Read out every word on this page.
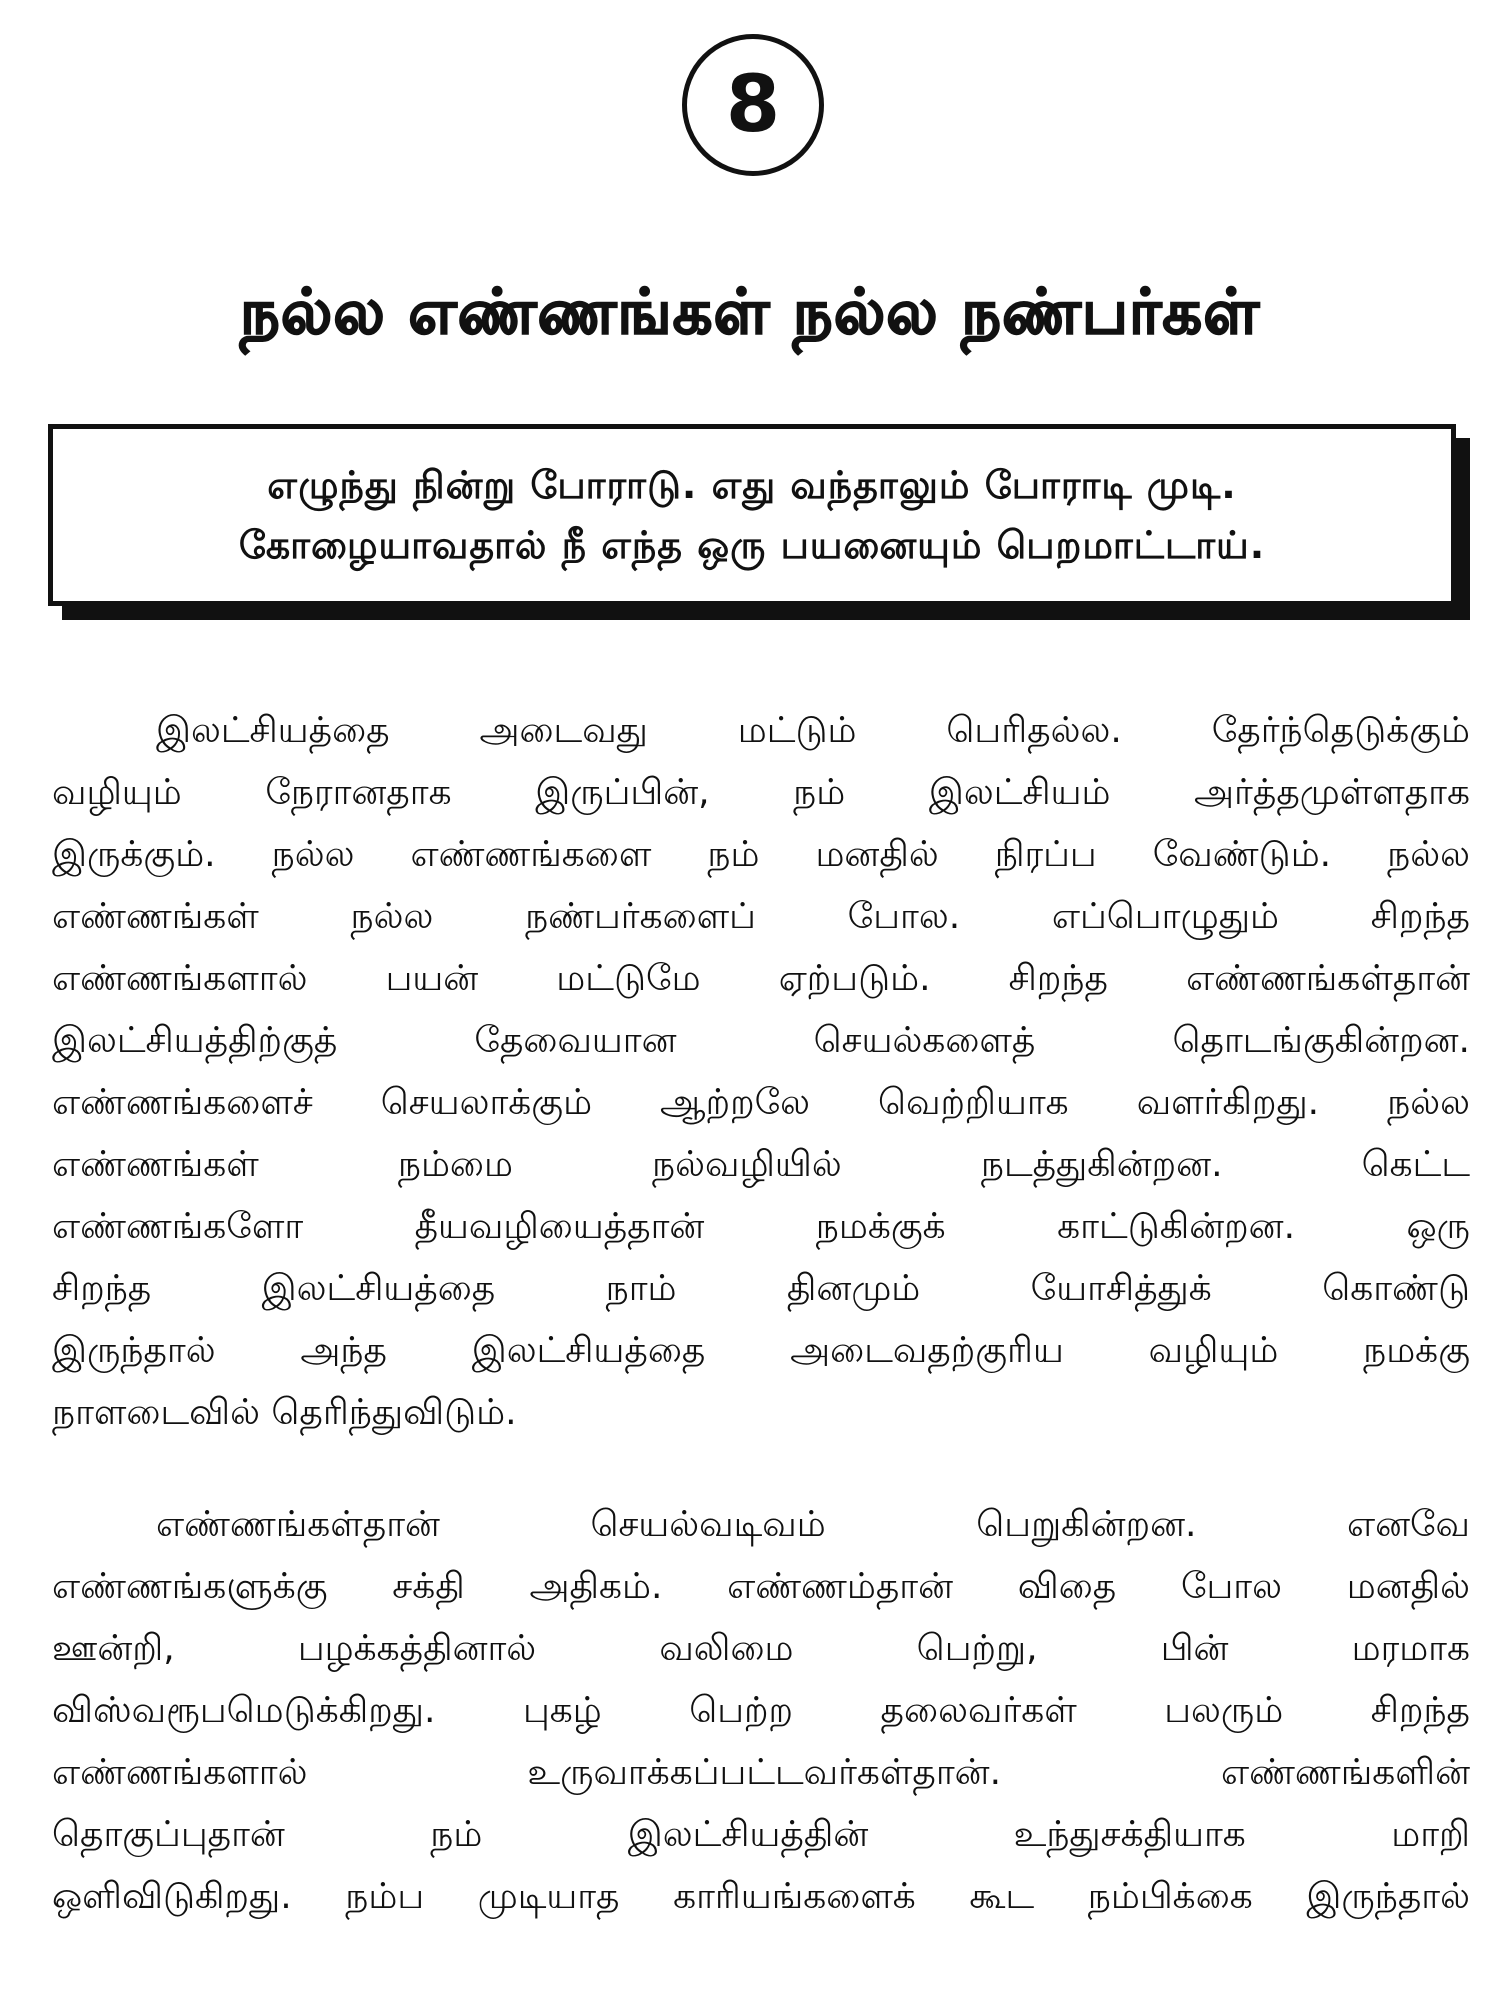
8
நல்ல எண்ணங்கள் நல்ல நண்பர்கள்
எழுந்து நின்று போராடு. எது வந்தாலும் போராடி முடி.
கோழையாவதால் நீ எந்த ஒரு பயனையும் பெறமாட்டாய்.
இலட்சியத்தை அடைவது மட்டும் பெரிதல்ல. தேர்ந்தெடுக்கும்
வழியும் நேரானதாக இருப்பின், நம் இலட்சியம் அர்த்தமுள்ளதாக
இருக்கும். நல்ல எண்ணங்களை நம் மனதில் நிரப்ப வேண்டும். நல்ல
எண்ணங்கள் நல்ல நண்பர்களைப் போல. எப்பொழுதும் சிறந்த
எண்ணங்களால் பயன் மட்டுமே ஏற்படும். சிறந்த எண்ணங்கள்தான்
இலட்சியத்திற்குத் தேவையான செயல்களைத் தொடங்குகின்றன.
எண்ணங்களைச் செயலாக்கும் ஆற்றலே வெற்றியாக வளர்கிறது. நல்ல
எண்ணங்கள் நம்மை நல்வழியில் நடத்துகின்றன. கெட்ட
எண்ணங்களோ தீயவழியைத்தான் நமக்குக் காட்டுகின்றன. ஒரு
சிறந்த இலட்சியத்தை நாம் தினமும் யோசித்துக் கொண்டு
இருந்தால் அந்த இலட்சியத்தை அடைவதற்குரிய வழியும் நமக்கு
நாளடைவில் தெரிந்துவிடும்.
எண்ணங்கள்தான் செயல்வடிவம் பெறுகின்றன. எனவே
எண்ணங்களுக்கு சக்தி அதிகம். எண்ணம்தான் விதை போல மனதில்
ஊன்றி, பழக்கத்தினால் வலிமை பெற்று, பின் மரமாக
விஸ்வரூபமெடுக்கிறது. புகழ் பெற்ற தலைவர்கள் பலரும் சிறந்த
எண்ணங்களால் உருவாக்கப்பட்டவர்கள்தான். எண்ணங்களின்
தொகுப்புதான் நம் இலட்சியத்தின் உந்துசக்தியாக மாறி
ஒளிவிடுகிறது. நம்ப முடியாத காரியங்களைக் கூட நம்பிக்கை இருந்தால்
